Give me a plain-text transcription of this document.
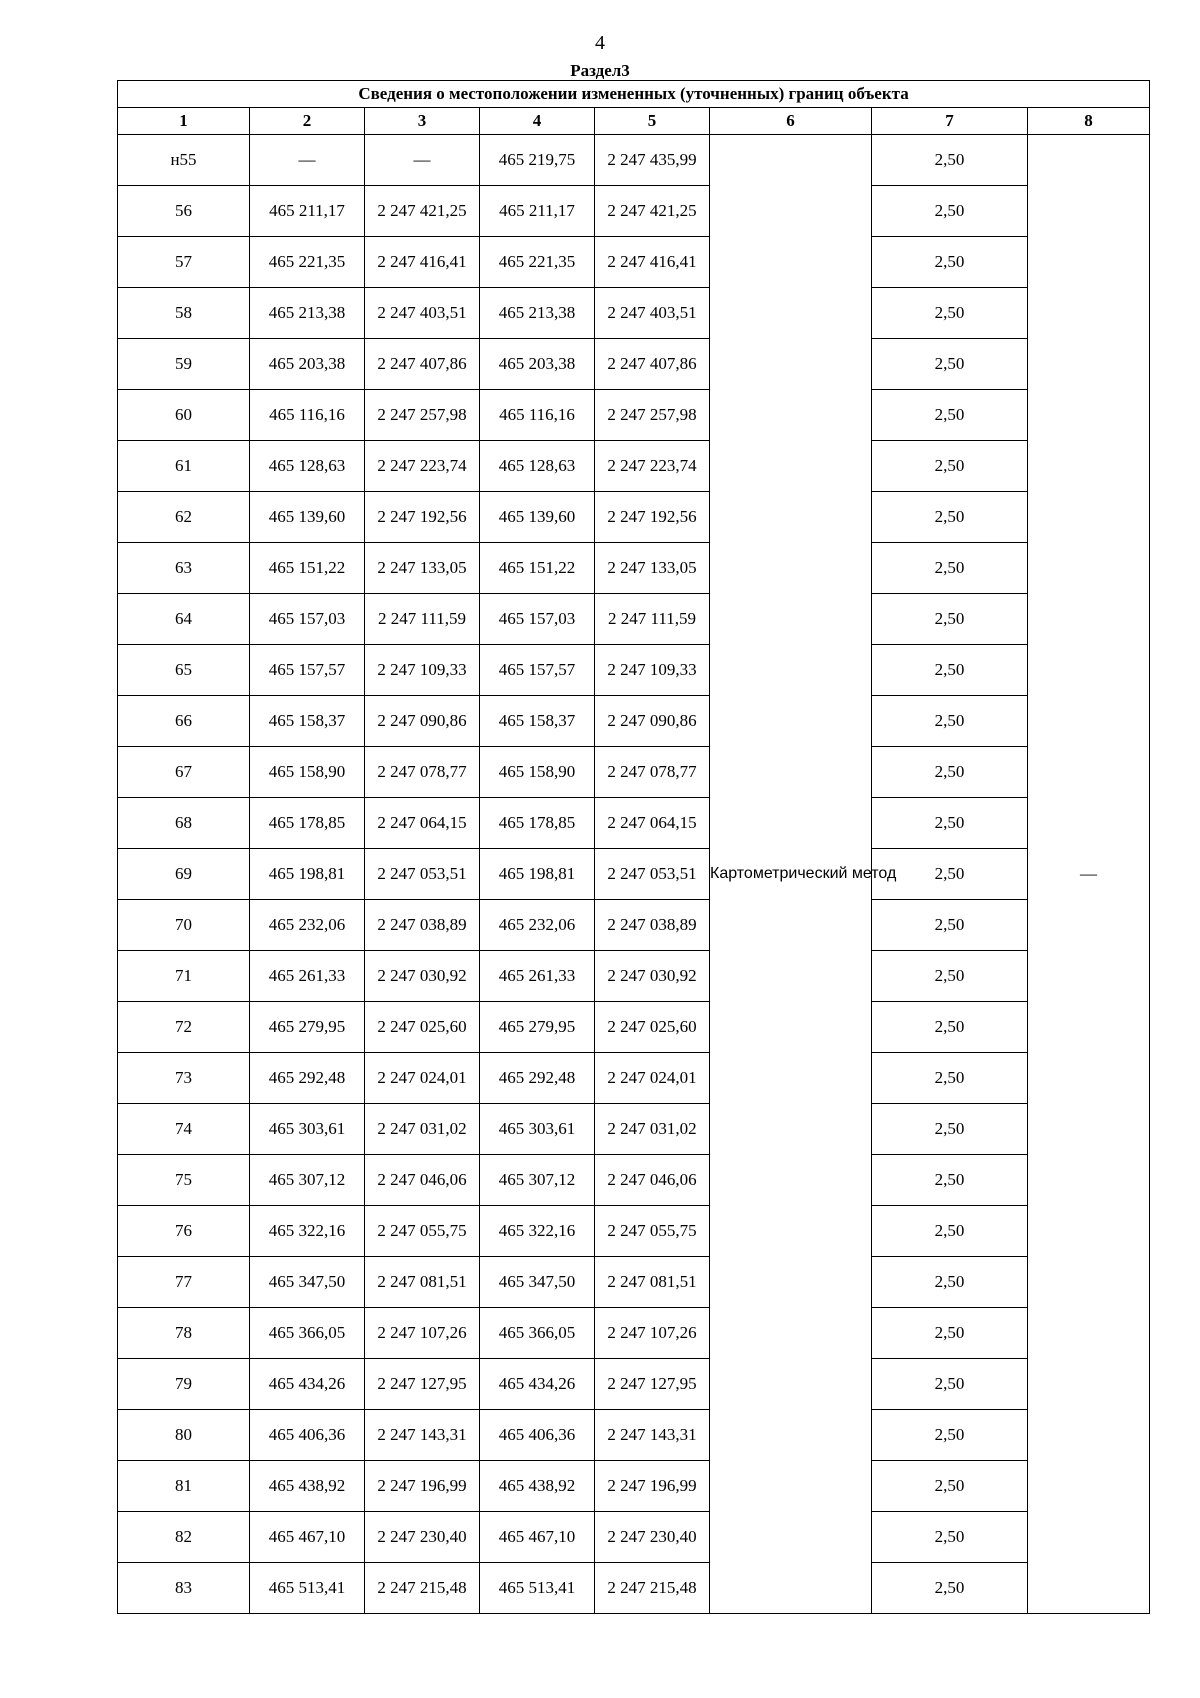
4
Раздел3
Сведения о местоположении измененных (уточненных) границ объекта							
1	2	3	4	5	6	7	8
н55	—	—	465 219,75	2 247 435,99	Картометрический метод	2,50	—
56	465 211,17	2 247 421,25	465 211,17	2 247 421,25		2,50	
57	465 221,35	2 247 416,41	465 221,35	2 247 416,41		2,50	
58	465 213,38	2 247 403,51	465 213,38	2 247 403,51		2,50	
59	465 203,38	2 247 407,86	465 203,38	2 247 407,86		2,50	
60	465 116,16	2 247 257,98	465 116,16	2 247 257,98		2,50	
61	465 128,63	2 247 223,74	465 128,63	2 247 223,74		2,50	
62	465 139,60	2 247 192,56	465 139,60	2 247 192,56		2,50	
63	465 151,22	2 247 133,05	465 151,22	2 247 133,05		2,50	
64	465 157,03	2 247 111,59	465 157,03	2 247 111,59		2,50	
65	465 157,57	2 247 109,33	465 157,57	2 247 109,33		2,50	
66	465 158,37	2 247 090,86	465 158,37	2 247 090,86		2,50	
67	465 158,90	2 247 078,77	465 158,90	2 247 078,77		2,50	
68	465 178,85	2 247 064,15	465 178,85	2 247 064,15		2,50	
69	465 198,81	2 247 053,51	465 198,81	2 247 053,51		2,50	
70	465 232,06	2 247 038,89	465 232,06	2 247 038,89		2,50	
71	465 261,33	2 247 030,92	465 261,33	2 247 030,92		2,50	
72	465 279,95	2 247 025,60	465 279,95	2 247 025,60		2,50	
73	465 292,48	2 247 024,01	465 292,48	2 247 024,01		2,50	
74	465 303,61	2 247 031,02	465 303,61	2 247 031,02		2,50	
75	465 307,12	2 247 046,06	465 307,12	2 247 046,06		2,50	
76	465 322,16	2 247 055,75	465 322,16	2 247 055,75		2,50	
77	465 347,50	2 247 081,51	465 347,50	2 247 081,51		2,50	
78	465 366,05	2 247 107,26	465 366,05	2 247 107,26		2,50	
79	465 434,26	2 247 127,95	465 434,26	2 247 127,95		2,50	
80	465 406,36	2 247 143,31	465 406,36	2 247 143,31		2,50	
81	465 438,92	2 247 196,99	465 438,92	2 247 196,99		2,50	
82	465 467,10	2 247 230,40	465 467,10	2 247 230,40		2,50	
83	465 513,41	2 247 215,48	465 513,41	2 247 215,48		2,50	
